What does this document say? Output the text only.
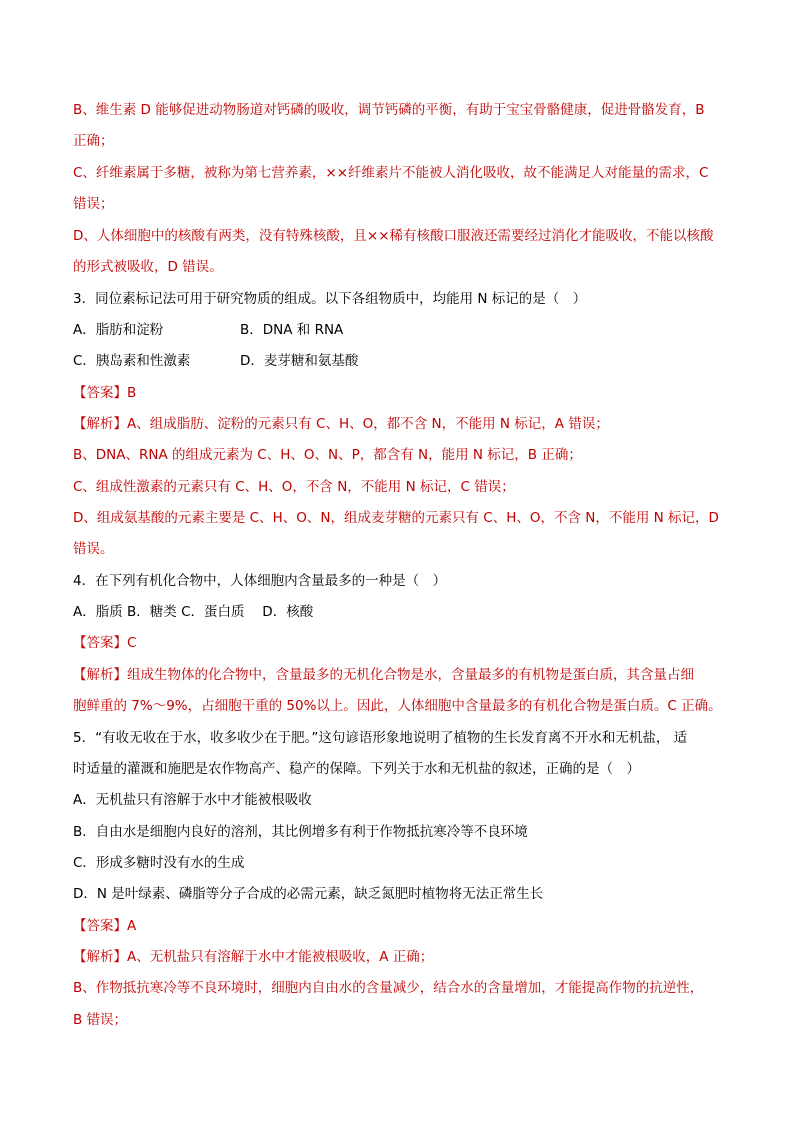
B、维生素 D 能够促进动物肠道对钙磷的吸收，调节钙磷的平衡，有助于宝宝骨骼健康，促进骨骼发育，B
正确；
C、纤维素属于多糖，被称为第七营养素，××纤维素片不能被人消化吸收，故不能满足人对能量的需求，C
错误；
D、人体细胞中的核酸有两类，没有特殊核酸，且××稀有核酸口服液还需要经过消化才能吸收，不能以核酸
的形式被吸收，D 错误。
3．同位素标记法可用于研究物质的组成。以下各组物质中，均能用 N 标记的是（　）
A．脂肪和淀粉	B．DNA 和 RNA
C．胰岛素和性激素	D．麦芽糖和氨基酸
【答案】B
【解析】A、组成脂肪、淀粉的元素只有 C、H、O，都不含 N，不能用 N 标记，A 错误；
B、DNA、RNA 的组成元素为 C、H、O、N、P，都含有 N，能用 N 标记，B 正确；
C、组成性激素的元素只有 C、H、O，不含 N，不能用 N 标记，C 错误；
D、组成氨基酸的元素主要是 C、H、O、N，组成麦芽糖的元素只有 C、H、O，不含 N，不能用 N 标记，D
错误。
4．在下列有机化合物中，人体细胞内含量最多的一种是（　）
A．脂质 B．糖类 C．蛋白质　 D．核酸
【答案】C
【解析】组成生物体的化合物中，含量最多的无机化合物是水，含量最多的有机物是蛋白质，其含量占细
胞鲜重的 7%～9%，占细胞干重的 50%以上。因此，人体细胞中含量最多的有机化合物是蛋白质。C 正确。
5．“有收无收在于水，收多收少在于肥。”这句谚语形象地说明了植物的生长发育离不开水和无机盐， 适
时适量的灌溉和施肥是农作物高产、稳产的保障。下列关于水和无机盐的叙述，正确的是（　）
A．无机盐只有溶解于水中才能被根吸收
B．自由水是细胞内良好的溶剂，其比例增多有利于作物抵抗寒冷等不良环境
C．形成多糖时没有水的生成
D．N 是叶绿素、磷脂等分子合成的必需元素，缺乏氮肥时植物将无法正常生长
【答案】A
【解析】A、无机盐只有溶解于水中才能被根吸收，A 正确；
B、作物抵抗寒冷等不良环境时，细胞内自由水的含量减少，结合水的含量增加，才能提高作物的抗逆性，
B 错误；
